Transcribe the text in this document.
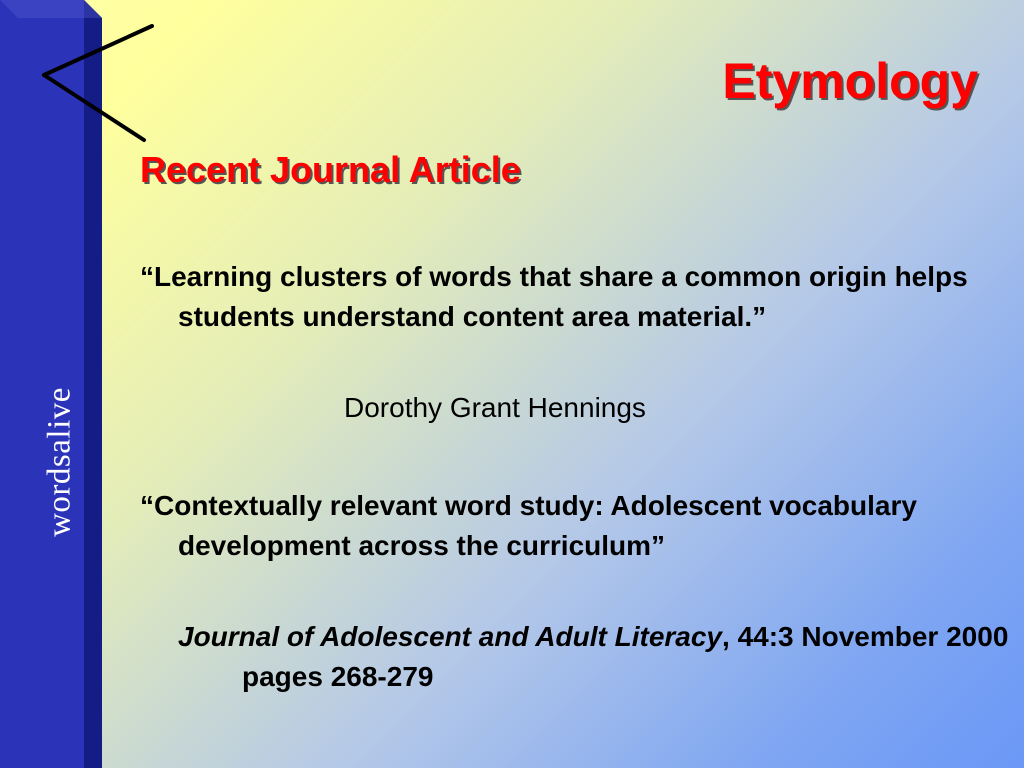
wordsalive
Etymology
Recent Journal Article

“Learning clusters of words that share a common origin helps students understand content area material.”

Dorothy Grant Hennings

“Contextually relevant word study: Adolescent vocabulary development across the curriculum”

Journal of Adolescent and Adult Literacy, 44:3 November 2000 pages 268-279
